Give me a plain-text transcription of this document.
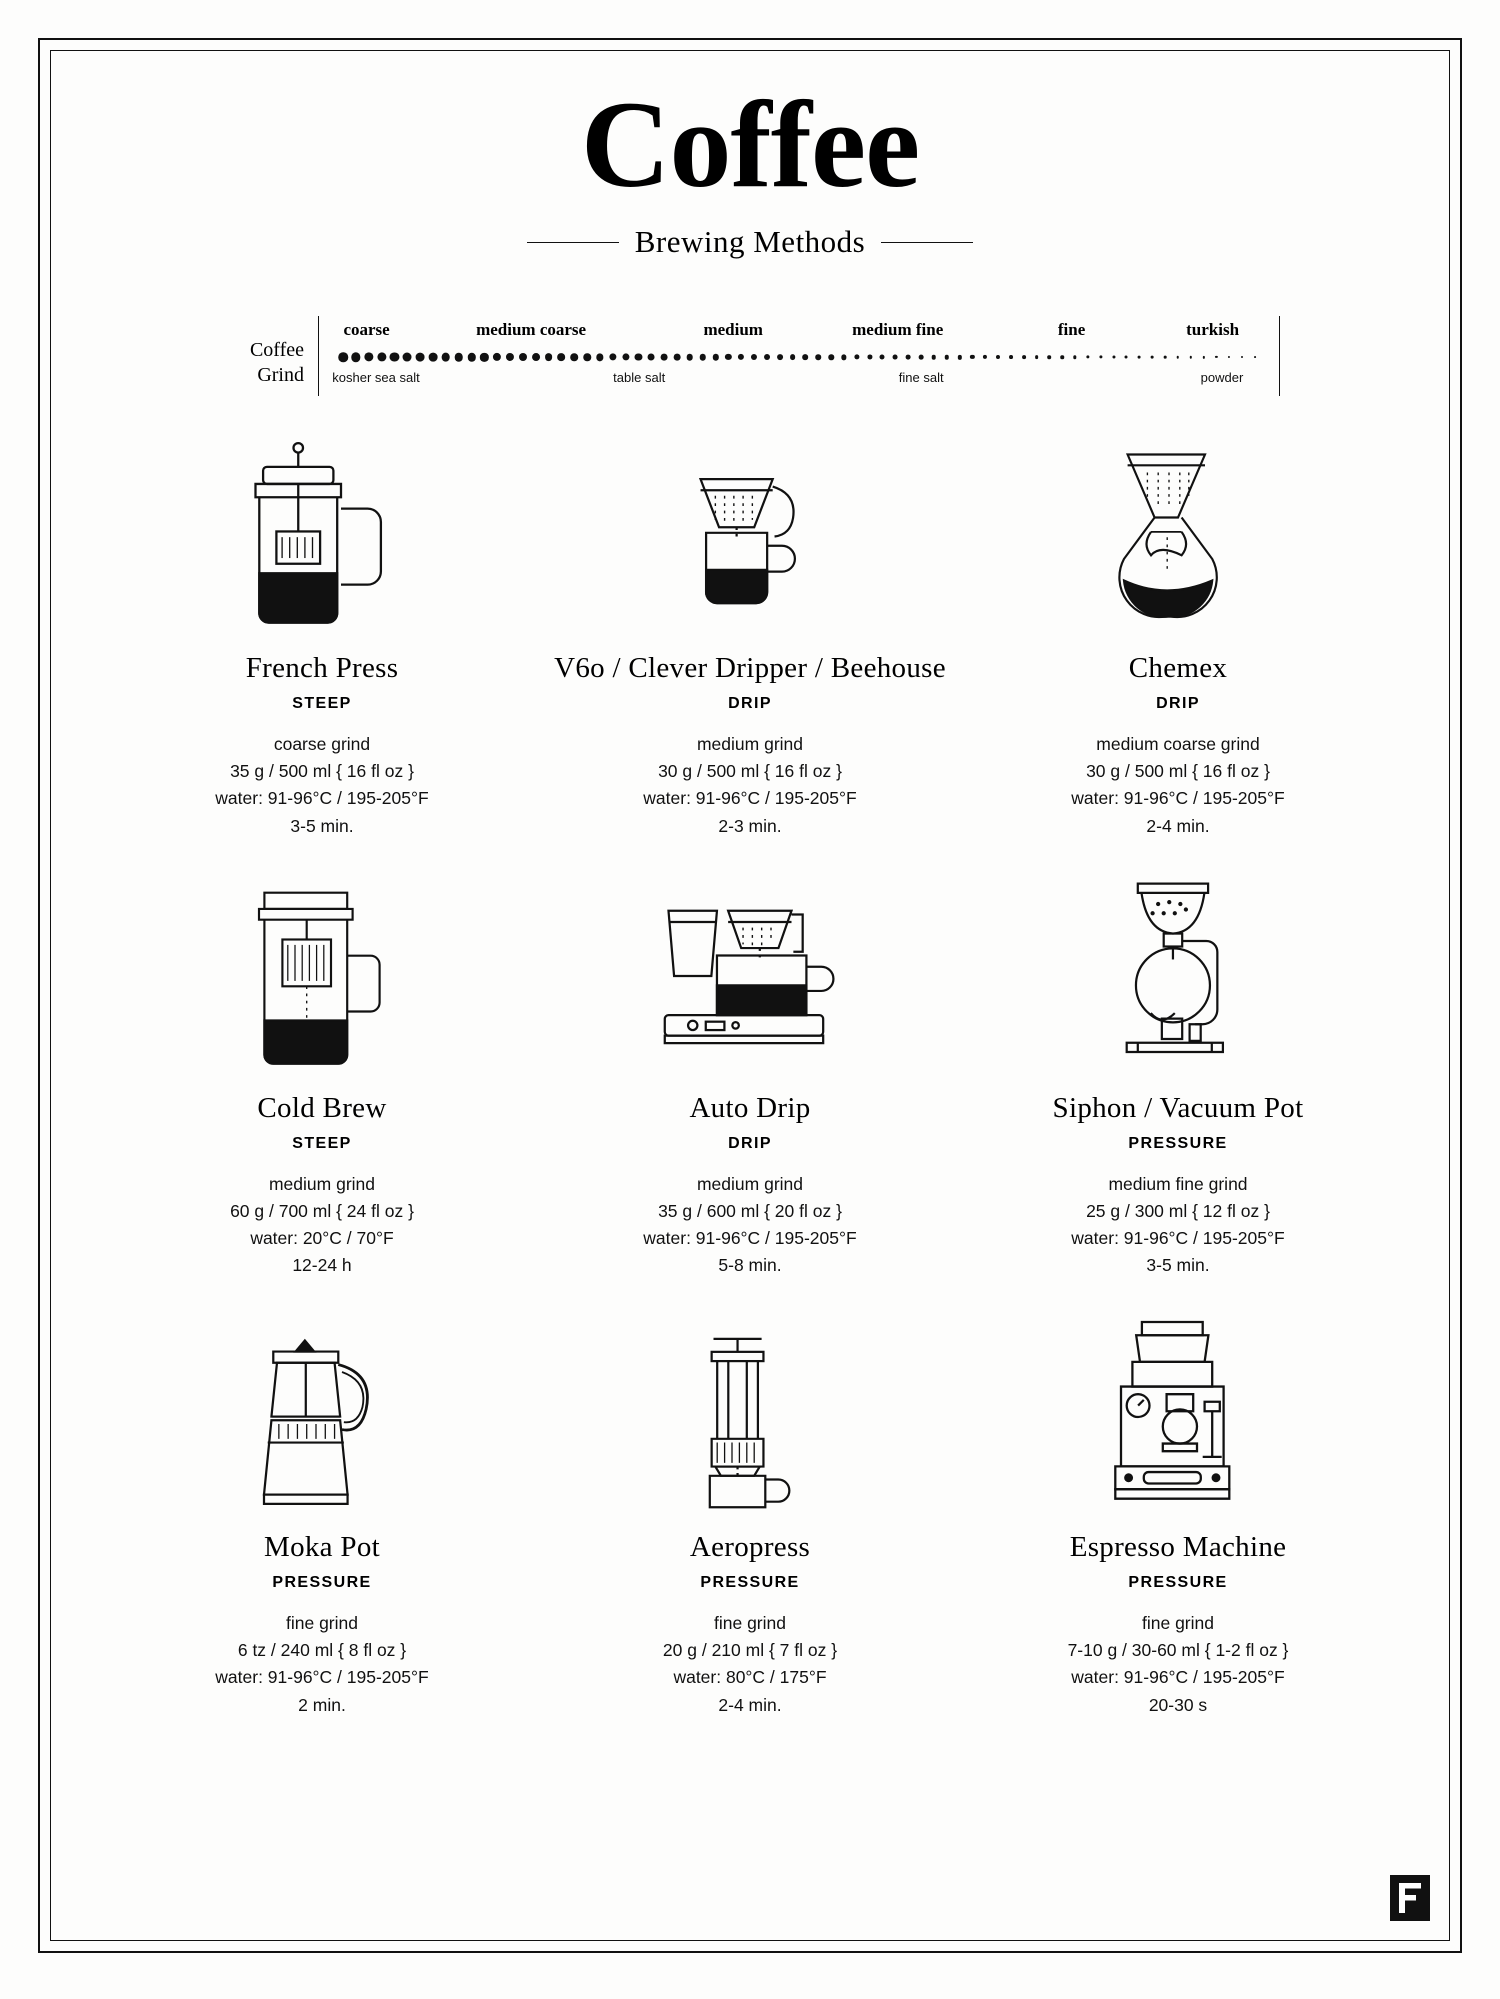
Coffee
Brewing Methods
Coffee
Grind
coarse	medium coarse	medium	medium fine	fine	turkish
kosher sea salt	table salt	fine salt	powder
French Press
STEEP
coarse grind
35 g / 500 ml { 16 fl oz }
water: 91-96°C / 195-205°F
3-5 min.
V6o / Clever Dripper / Beehouse
DRIP
medium grind
30 g / 500 ml { 16 fl oz }
water: 91-96°C / 195-205°F
2-3 min.
Chemex
DRIP
medium coarse grind
30 g / 500 ml { 16 fl oz }
water: 91-96°C / 195-205°F
2-4 min.
Cold Brew
STEEP
medium grind
60 g / 700 ml { 24 fl oz }
water: 20°C / 70°F
12-24 h
Auto Drip
DRIP
medium grind
35 g / 600 ml { 20 fl oz }
water: 91-96°C / 195-205°F
5-8 min.
Siphon / Vacuum Pot
PRESSURE
medium fine grind
25 g / 300 ml { 12 fl oz }
water: 91-96°C / 195-205°F
3-5 min.
Moka Pot
PRESSURE
fine grind
6 tz / 240 ml { 8 fl oz }
water: 91-96°C / 195-205°F
2 min.
Aeropress
PRESSURE
fine grind
20 g / 210 ml { 7 fl oz }
water: 80°C / 175°F
2-4 min.
Espresso Machine
PRESSURE
fine grind
7-10 g / 30-60 ml { 1-2 fl oz }
water: 91-96°C / 195-205°F
20-30 s
